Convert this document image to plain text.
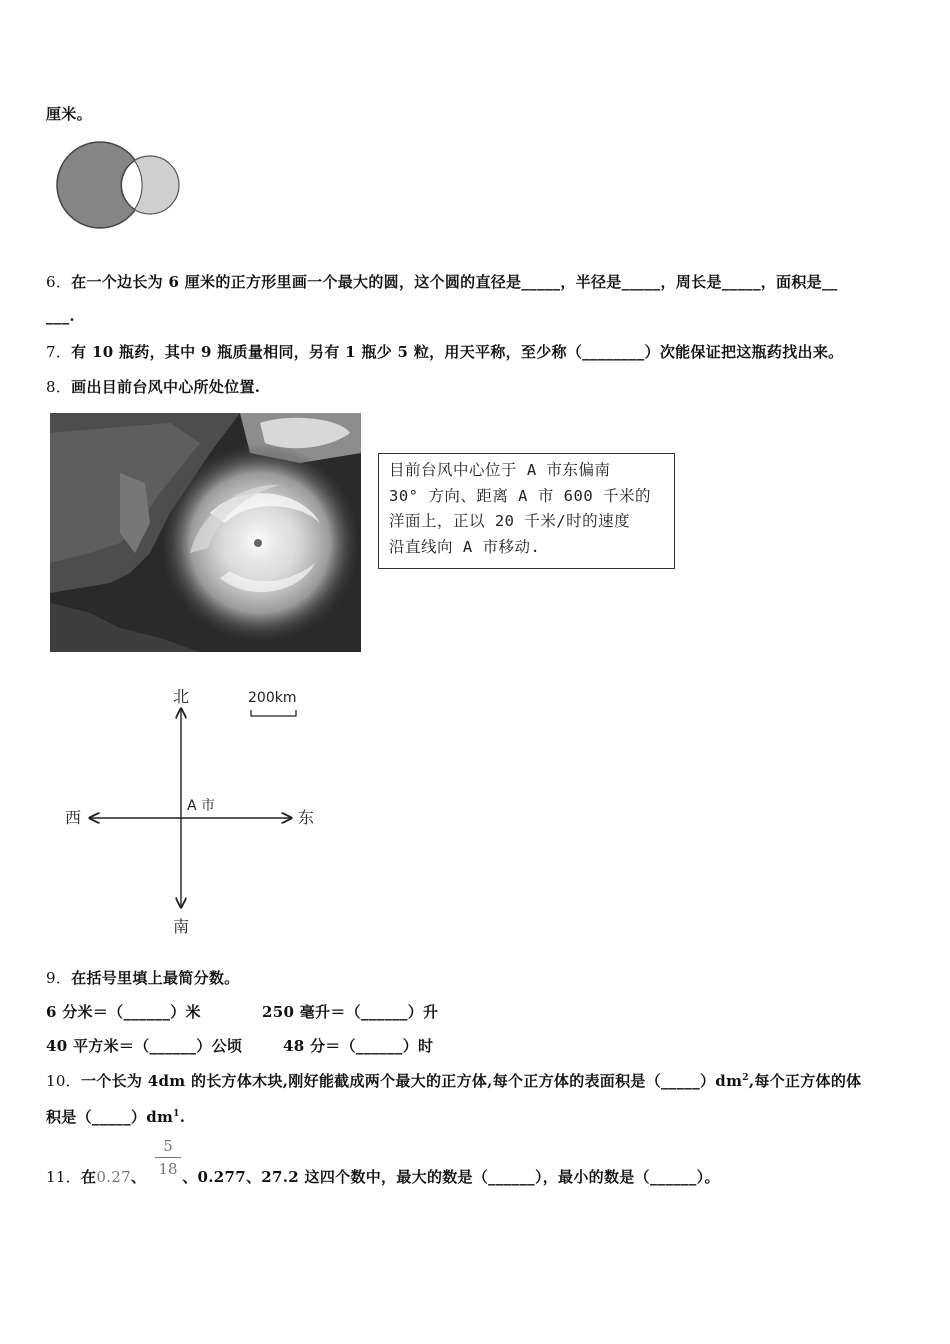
厘米。
6．在一个边长为 6 厘米的正方形里画一个最大的圆，这个圆的直径是_____，半径是_____，周长是_____，面积是__
___.
7．有 10 瓶药，其中 9 瓶质量相同，另有 1 瓶少 5 粒，用天平称，至少称（________）次能保证把这瓶药找出来。
8．画出目前台风中心所处位置.
目前台风中心位于 A 市东偏南
30° 方向、距离 A 市 600 千米的
洋面上，正以 20 千米/时的速度
沿直线向 A 市移动.
北
南
东
西
A 市
200km
9．在括号里填上最简分数。
6 分米＝（______）米	250 毫升＝（______）升
40 平方米＝（______）公顷	48 分＝（______）时
10．一个长为 4dm 的长方体木块,刚好能截成两个最大的正方体,每个正方体的表面积是$(\_\_\_\_\_)dm^2$,每个正方体的体
积是$(\_\_\_\_\_)dm^1$.
5
18
11．在0.27、 、0.277、27.2 这四个数中，最大的数是（______），最小的数是（______）。
